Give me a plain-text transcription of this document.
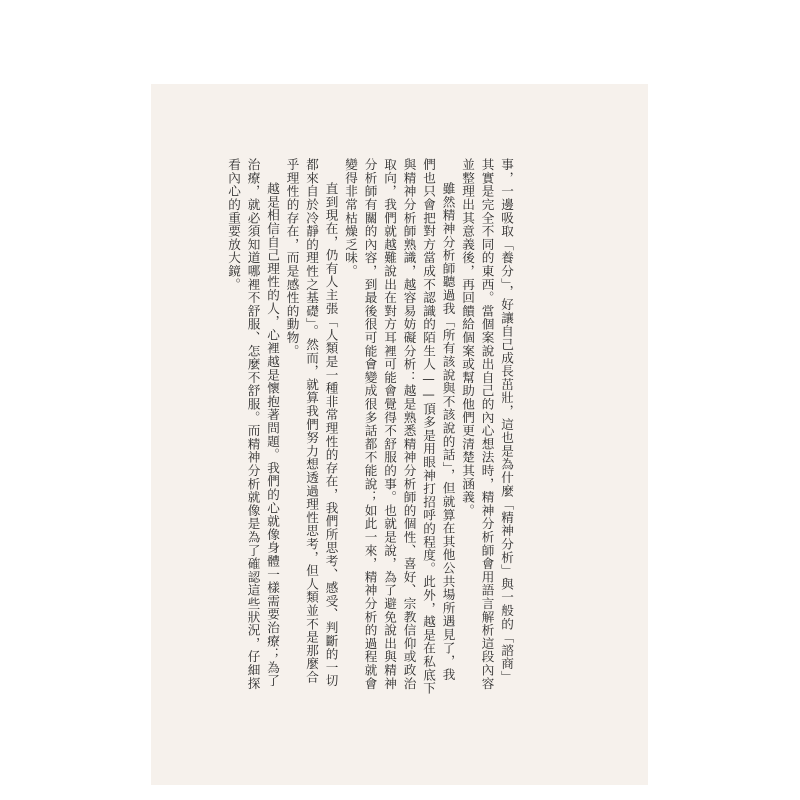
事，一邊吸取「養分」，好讓自己成長茁壯，這也是為什麼「精神分析」與一般的「諮商」
其實是完全不同的東西。當個案說出自己的內心想法時，精神分析師會用語言解析這段內容
並整理出其意義後，再回饋給個案或幫助他們更清楚其涵義。
雖然精神分析師聽過我「所有該說與不該說的話」，但就算在其他公共場所遇見了，我
們也只會把對方當成不認識的陌生人——頂多是用眼神打招呼的程度。此外，越是在私底下
與精神分析師熟識，越容易妨礙分析：越是熟悉精神分析師的個性、喜好、宗教信仰或政治
取向，我們就越難說出在對方耳裡可能會覺得不舒服的事。也就是說，為了避免說出與精神
分析師有關的內容，到最後很可能會變成很多話都不能說；如此一來，精神分析的過程就會
變得非常枯燥乏味。
直到現在，仍有人主張「人類是一種非常理性的存在，我們所思考、感受、判斷的一切
都來自於冷靜的理性之基礎」。然而，就算我們努力想透過理性思考，但人類並不是那麼合
乎理性的存在，而是感性的動物。
越是相信自己理性的人，心裡越是懷抱著問題。我們的心就像身體一樣需要治療；為了
治療，就必須知道哪裡不舒服、怎麼不舒服。而精神分析就像是為了確認這些狀況，仔細探
看內心的重要放大鏡。
